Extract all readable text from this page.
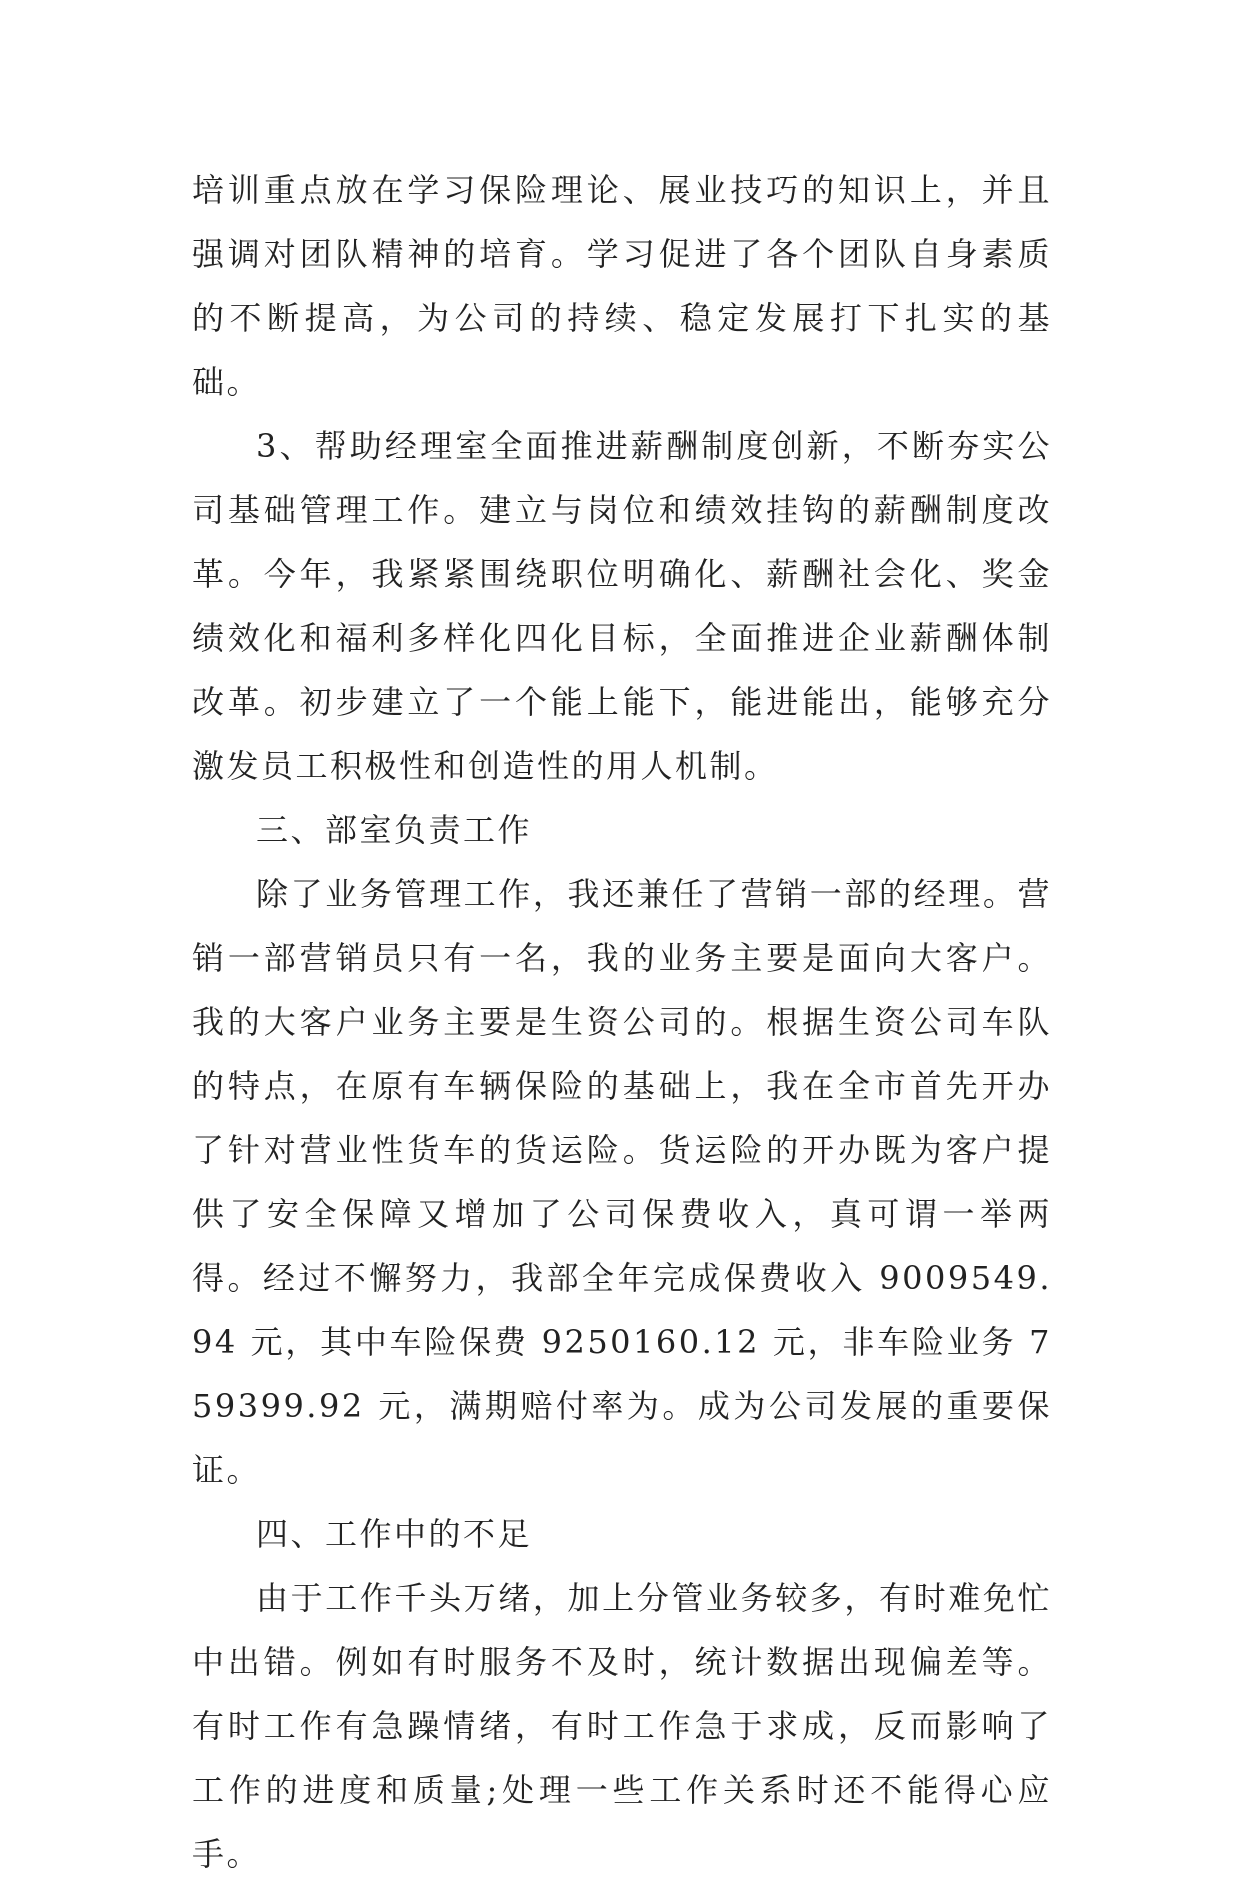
培训重点放在学习保险理论、展业技巧的知识上，并且强调对团队精神的培育。学习促进了各个团队自身素质的不断提高，为公司的持续、稳定发展打下扎实的基础。

3、帮助经理室全面推进薪酬制度创新，不断夯实公司基础管理工作。建立与岗位和绩效挂钩的薪酬制度改革。今年，我紧紧围绕职位明确化、薪酬社会化、奖金绩效化和福利多样化四化目标，全面推进企业薪酬体制改革。初步建立了一个能上能下，能进能出，能够充分激发员工积极性和创造性的用人机制。

三、部室负责工作

除了业务管理工作，我还兼任了营销一部的经理。营销一部营销员只有一名，我的业务主要是面向大客户。我的大客户业务主要是生资公司的。根据生资公司车队的特点，在原有车辆保险的基础上，我在全市首先开办了针对营业性货车的货运险。货运险的开办既为客户提供了安全保障又增加了公司保费收入，真可谓一举两得。经过不懈努力，我部全年完成保费收入 9009549.94 元，其中车险保费 9250160.12 元，非车险业务 759399.92 元，满期赔付率为。成为公司发展的重要保证。

四、工作中的不足

由于工作千头万绪，加上分管业务较多，有时难免忙中出错。例如有时服务不及时，统计数据出现偏差等。有时工作有急躁情绪，有时工作急于求成，反而影响了工作的进度和质量;处理一些工作关系时还不能得心应手。
